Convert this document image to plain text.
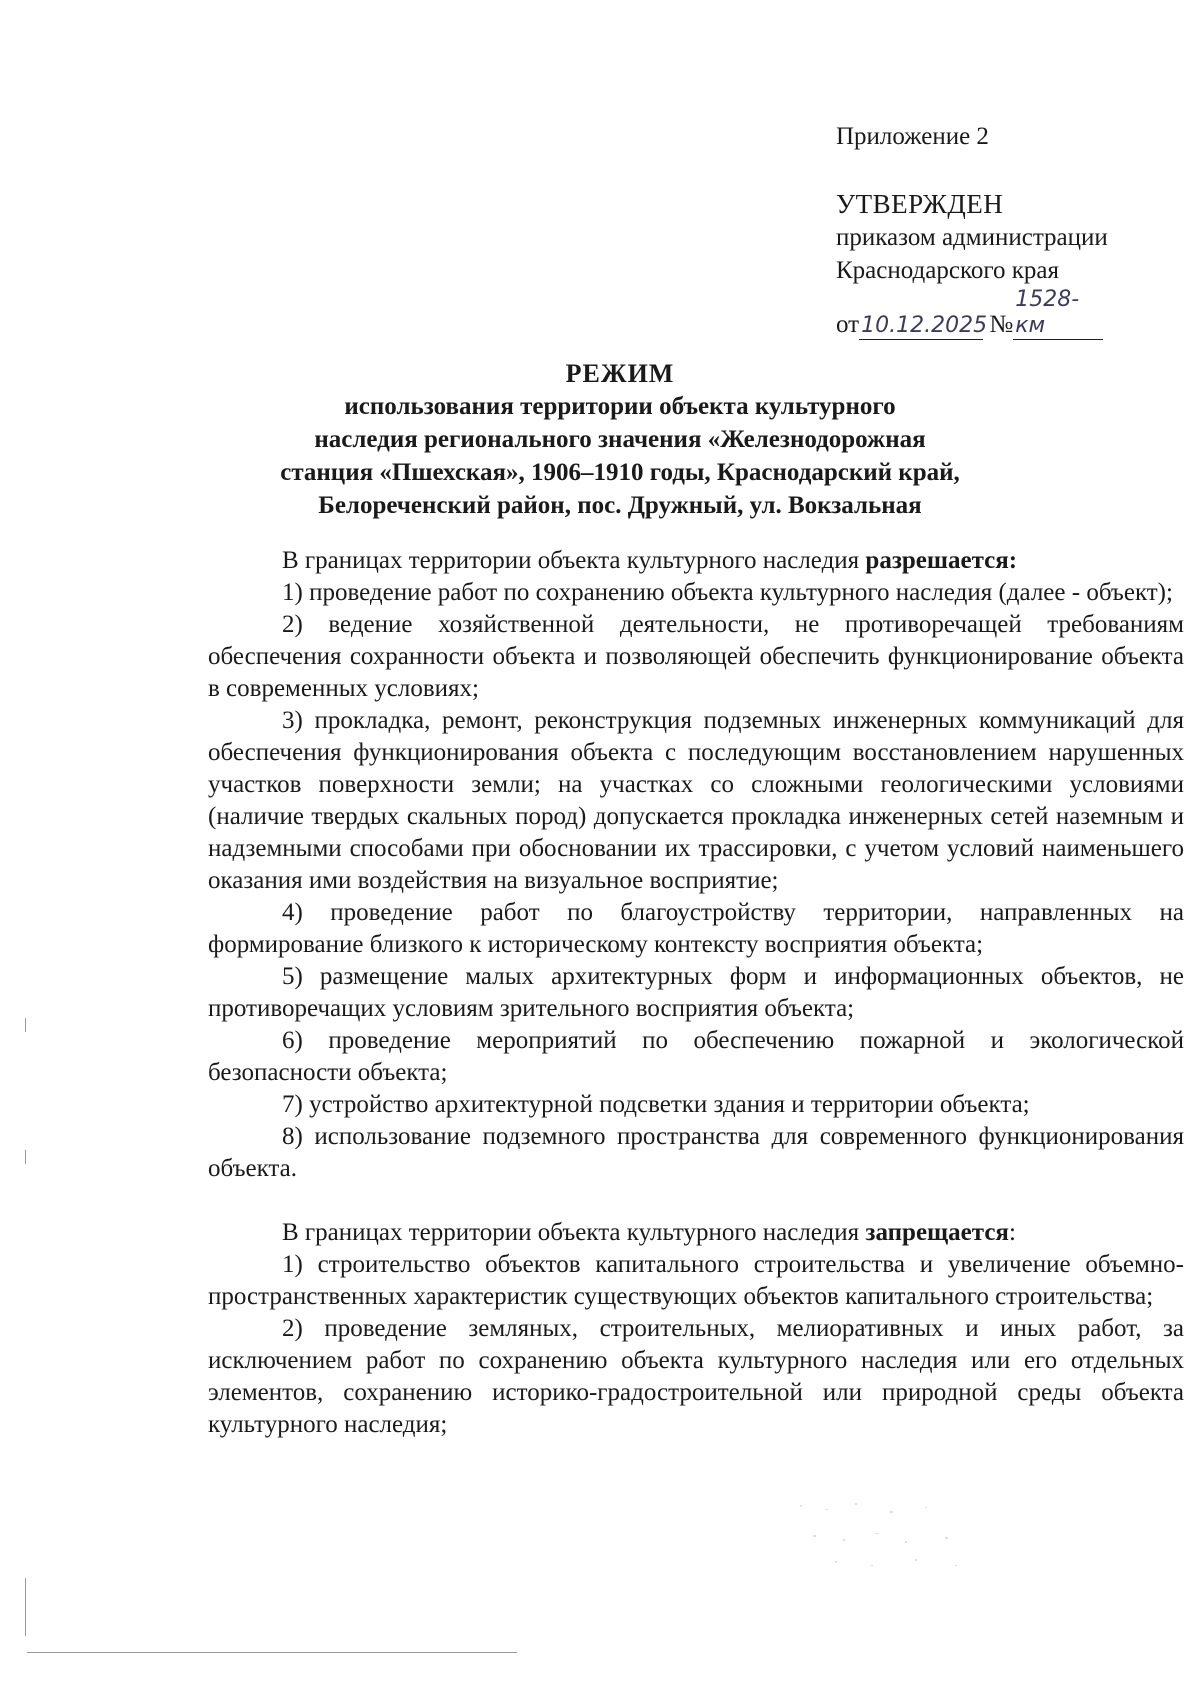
Приложение 2
УТВЕРЖДЕН
приказом администрации
Краснодарского края
от10.12.2025 №1528-км
РЕЖИМ
использования территории объекта культурного
наследия регионального значения «Железнодорожная
станция «Пшехская», 1906–1910 годы, Краснодарский край,
Белореченский район, пос. Дружный, ул. Вокзальная

В границах территории объекта культурного наследия разрешается:

1) проведение работ по сохранению объекта культурного наследия (далее - объект);

2) ведение хозяйственной деятельности, не противоречащей требованиям обеспечения сохранности объекта и позволяющей обеспечить функционирование объекта в современных условиях;

3) прокладка, ремонт, реконструкция подземных инженерных коммуникаций для обеспечения функционирования объекта с последующим восстановлением нарушенных участков поверхности земли; на участках со сложными геологическими условиями (наличие твердых скальных пород) допускается прокладка инженерных сетей наземным и надземными способами при обосновании их трассировки, с учетом условий наименьшего оказания ими воздействия на визуальное восприятие;

4) проведение работ по благоустройству территории, направленных на формирование близкого к историческому контексту восприятия объекта;

5) размещение малых архитектурных форм и информационных объектов, не противоречащих условиям зрительного восприятия объекта;

6) проведение мероприятий по обеспечению пожарной и экологической безопасности объекта;

7) устройство архитектурной подсветки здания и территории объекта;

8) использование подземного пространства для современного функционирования объекта.

В границах территории объекта культурного наследия запрещается:

1) строительство объектов капитального строительства и увеличение объемно-пространственных характеристик существующих объектов капитального строительства;

2) проведение земляных, строительных, мелиоративных и иных работ, за исключением работ по сохранению объекта культурного наследия или его отдельных элементов, сохранению историко-градостроительной или природной среды объекта культурного наследия;
